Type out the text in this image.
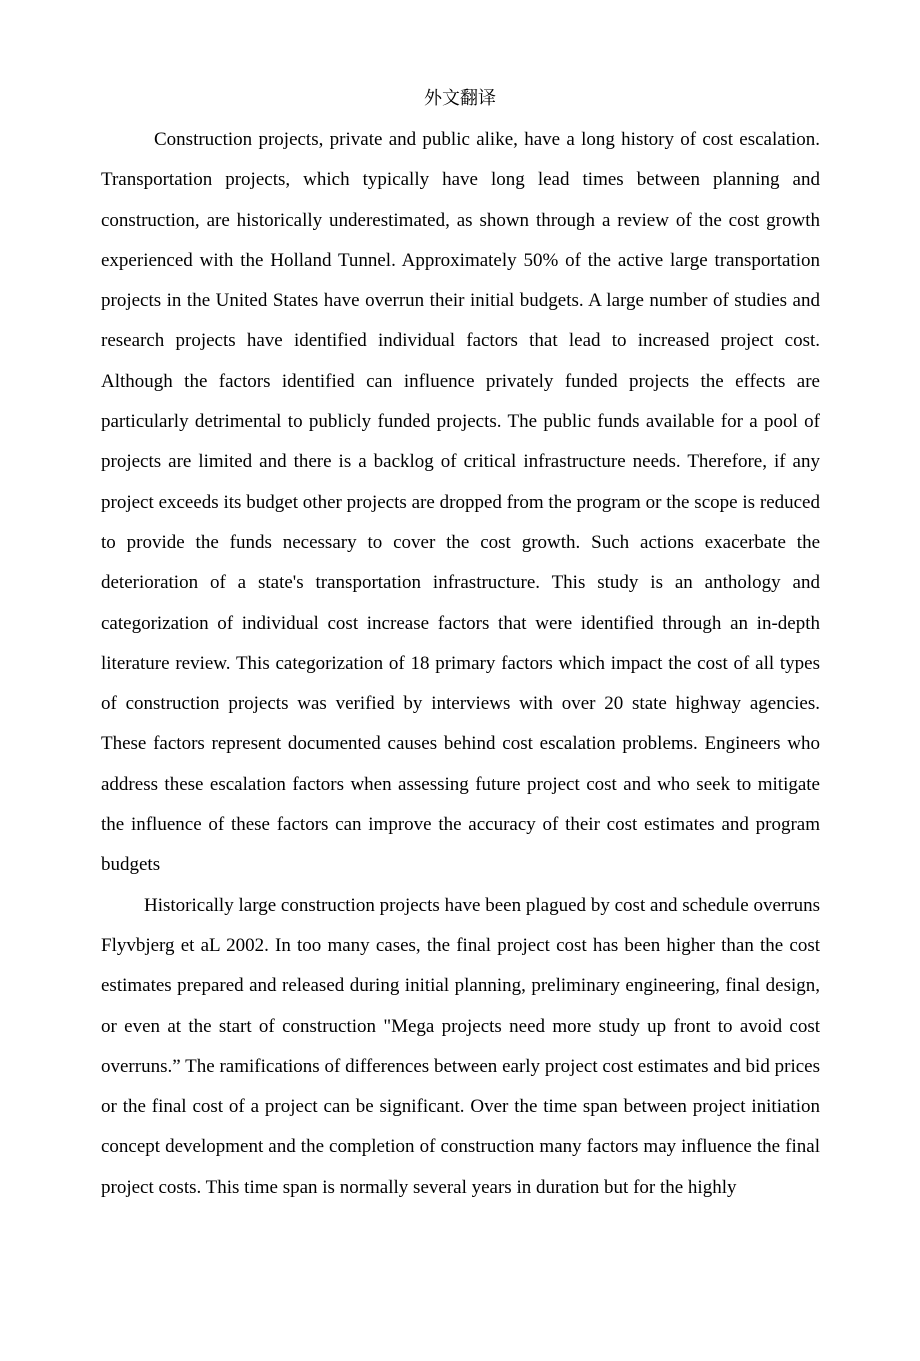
外文翻译

Construction projects, private and public alike, have a long history of cost escalation. Transportation projects, which typically have long lead times between planning and construction, are historically underestimated, as shown through a review of the cost growth experienced with the Holland Tunnel. Approximately 50% of the active large transportation projects in the United States have overrun their initial budgets. A large number of studies and research projects have identified individual factors that lead to increased project cost. Although the factors identified can influence privately funded projects the effects are particularly detrimental to publicly funded projects. The public funds available for a pool of projects are limited and there is a backlog of critical infrastructure needs. Therefore, if any project exceeds its budget other projects are dropped from the program or the scope is reduced to provide the funds necessary to cover the cost growth. Such actions exacerbate the deterioration of a state's transportation infrastructure. This study is an anthology and categorization of individual cost increase factors that were identified through an in-depth literature review. This categorization of 18 primary factors which impact the cost of all types of construction projects was verified by interviews with over 20 state highway agencies. These factors represent documented causes behind cost escalation problems. Engineers who address these escalation factors when assessing future project cost and who seek to mitigate the influence of these factors can improve the accuracy of their cost estimates and program budgets

Historically large construction projects have been plagued by cost and schedule overruns Flyvbjerg et aL 2002. In too many cases, the final project cost has been higher than the cost estimates prepared and released during initial planning, preliminary engineering, final design, or even at the start of construction "Mega projects need more study up front to avoid cost overruns.” The ramifications of differences between early project cost estimates and bid prices or the final cost of a project can be significant. Over the time span between project initiation concept development and the completion of construction many factors may influence the final project costs. This time span is normally several years in duration but for the highly
